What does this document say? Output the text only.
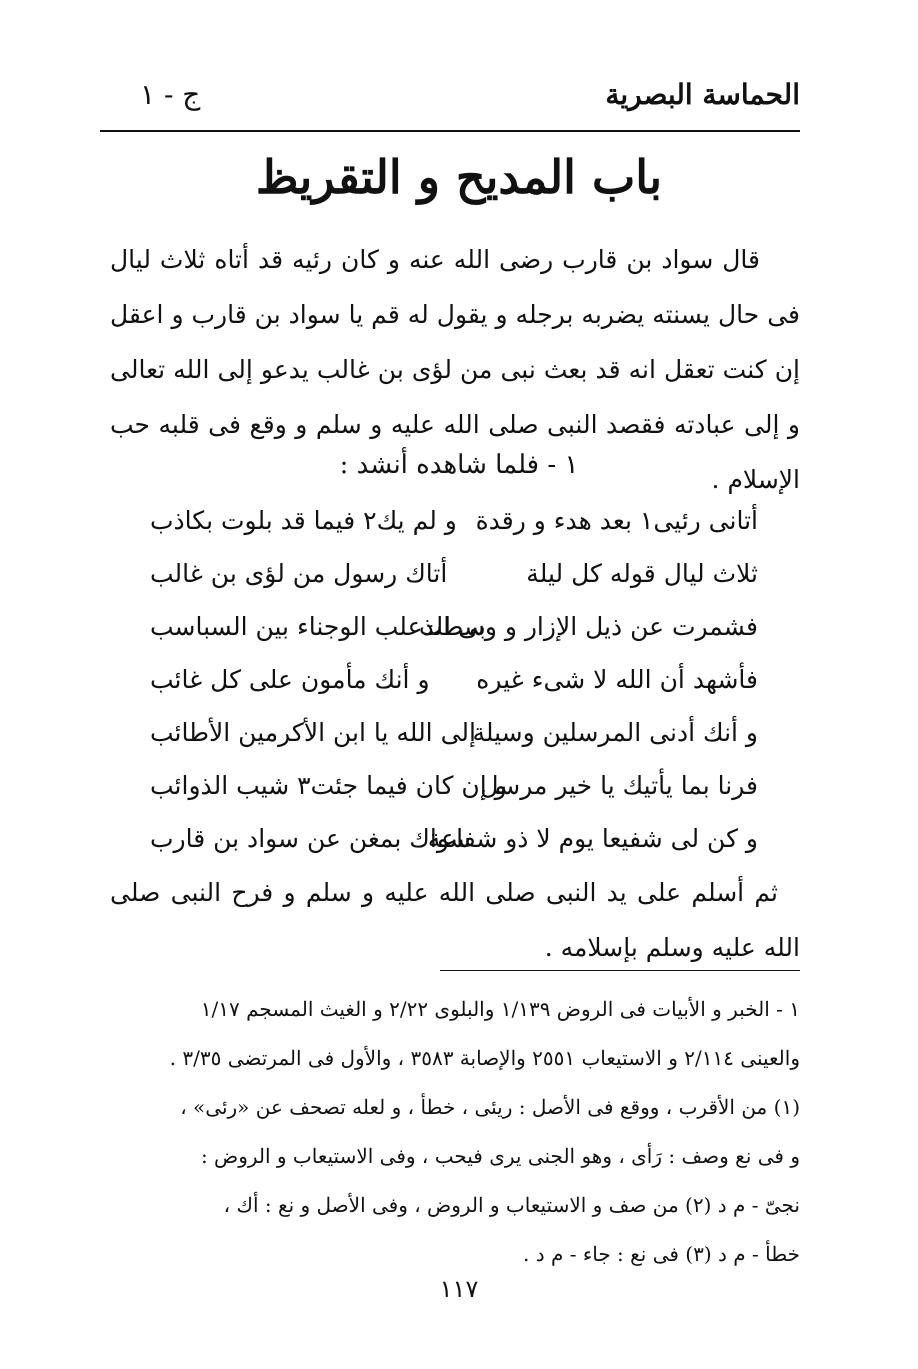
الحماسة البصرية
ج - ١
باب المديح و التقريظ
قال سواد بن قارب رضى الله عنه و كان رئيه قد أتاه ثلاث ليال فى حال يسنته يضربه برجله و يقول له قم يا سواد بن قارب و اعقل إن كنت تعقل انه قد بعث نبى من لؤى بن غالب يدعو إلى الله تعالى و إلى عبادته فقصد النبى صلى الله عليه و سلم و وقع فى قلبه حب الإسلام .
١ - فلما شاهده أنشد :
أتانى رئيى١ بعد هدء و رقدة
و لم يك٢ فيما قد بلوت بكاذب
ثلاث ليال قوله كل ليلة
أتاك رسول من لؤى بن غالب
فشمرت عن ذيل الإزار و وسطت
بى الذعلب الوجناء بين السباسب
فأشهد أن الله لا شىء غيره
و أنك مأمون على كل غائب
و أنك أدنى المرسلين وسيلة
إلى الله يا ابن الأكرمين الأطائب
فرنا بما يأتيك يا خير مرسل
و إن كان فيما جئت٣ شيب الذوائب
و كن لى شفيعا يوم لا ذو شفاعة
سواك بمغن عن سواد بن قارب
ثم أسلم على يد النبى صلى الله عليه و سلم و فرح النبى صلى الله عليه وسلم بإسلامه .
١ - الخبر و الأبيات فى الروض ١/١٣٩ والبلوى ٢/٢٢ و الغيث المسجم ١/١٧
والعينى ٢/١١٤ و الاستيعاب ٢٥٥١ والإصابة ٣٥٨٣ ، والأول فى المرتضى ٣/٣٥ .
(١) من الأقرب ، ووقع فى الأصل : ريئى ، خطأ ، و لعله تصحف عن «رئى» ،
و فى نع وصف : رَأى ، وهو الجنى يرى فيحب ، وفى الاستيعاب و الروض :
نجىّ - م د (٢) من صف و الاستيعاب و الروض ، وفى الأصل و نع : أك ،
خطأ - م د (٣) فى نع : جاء - م د .
١١٧
